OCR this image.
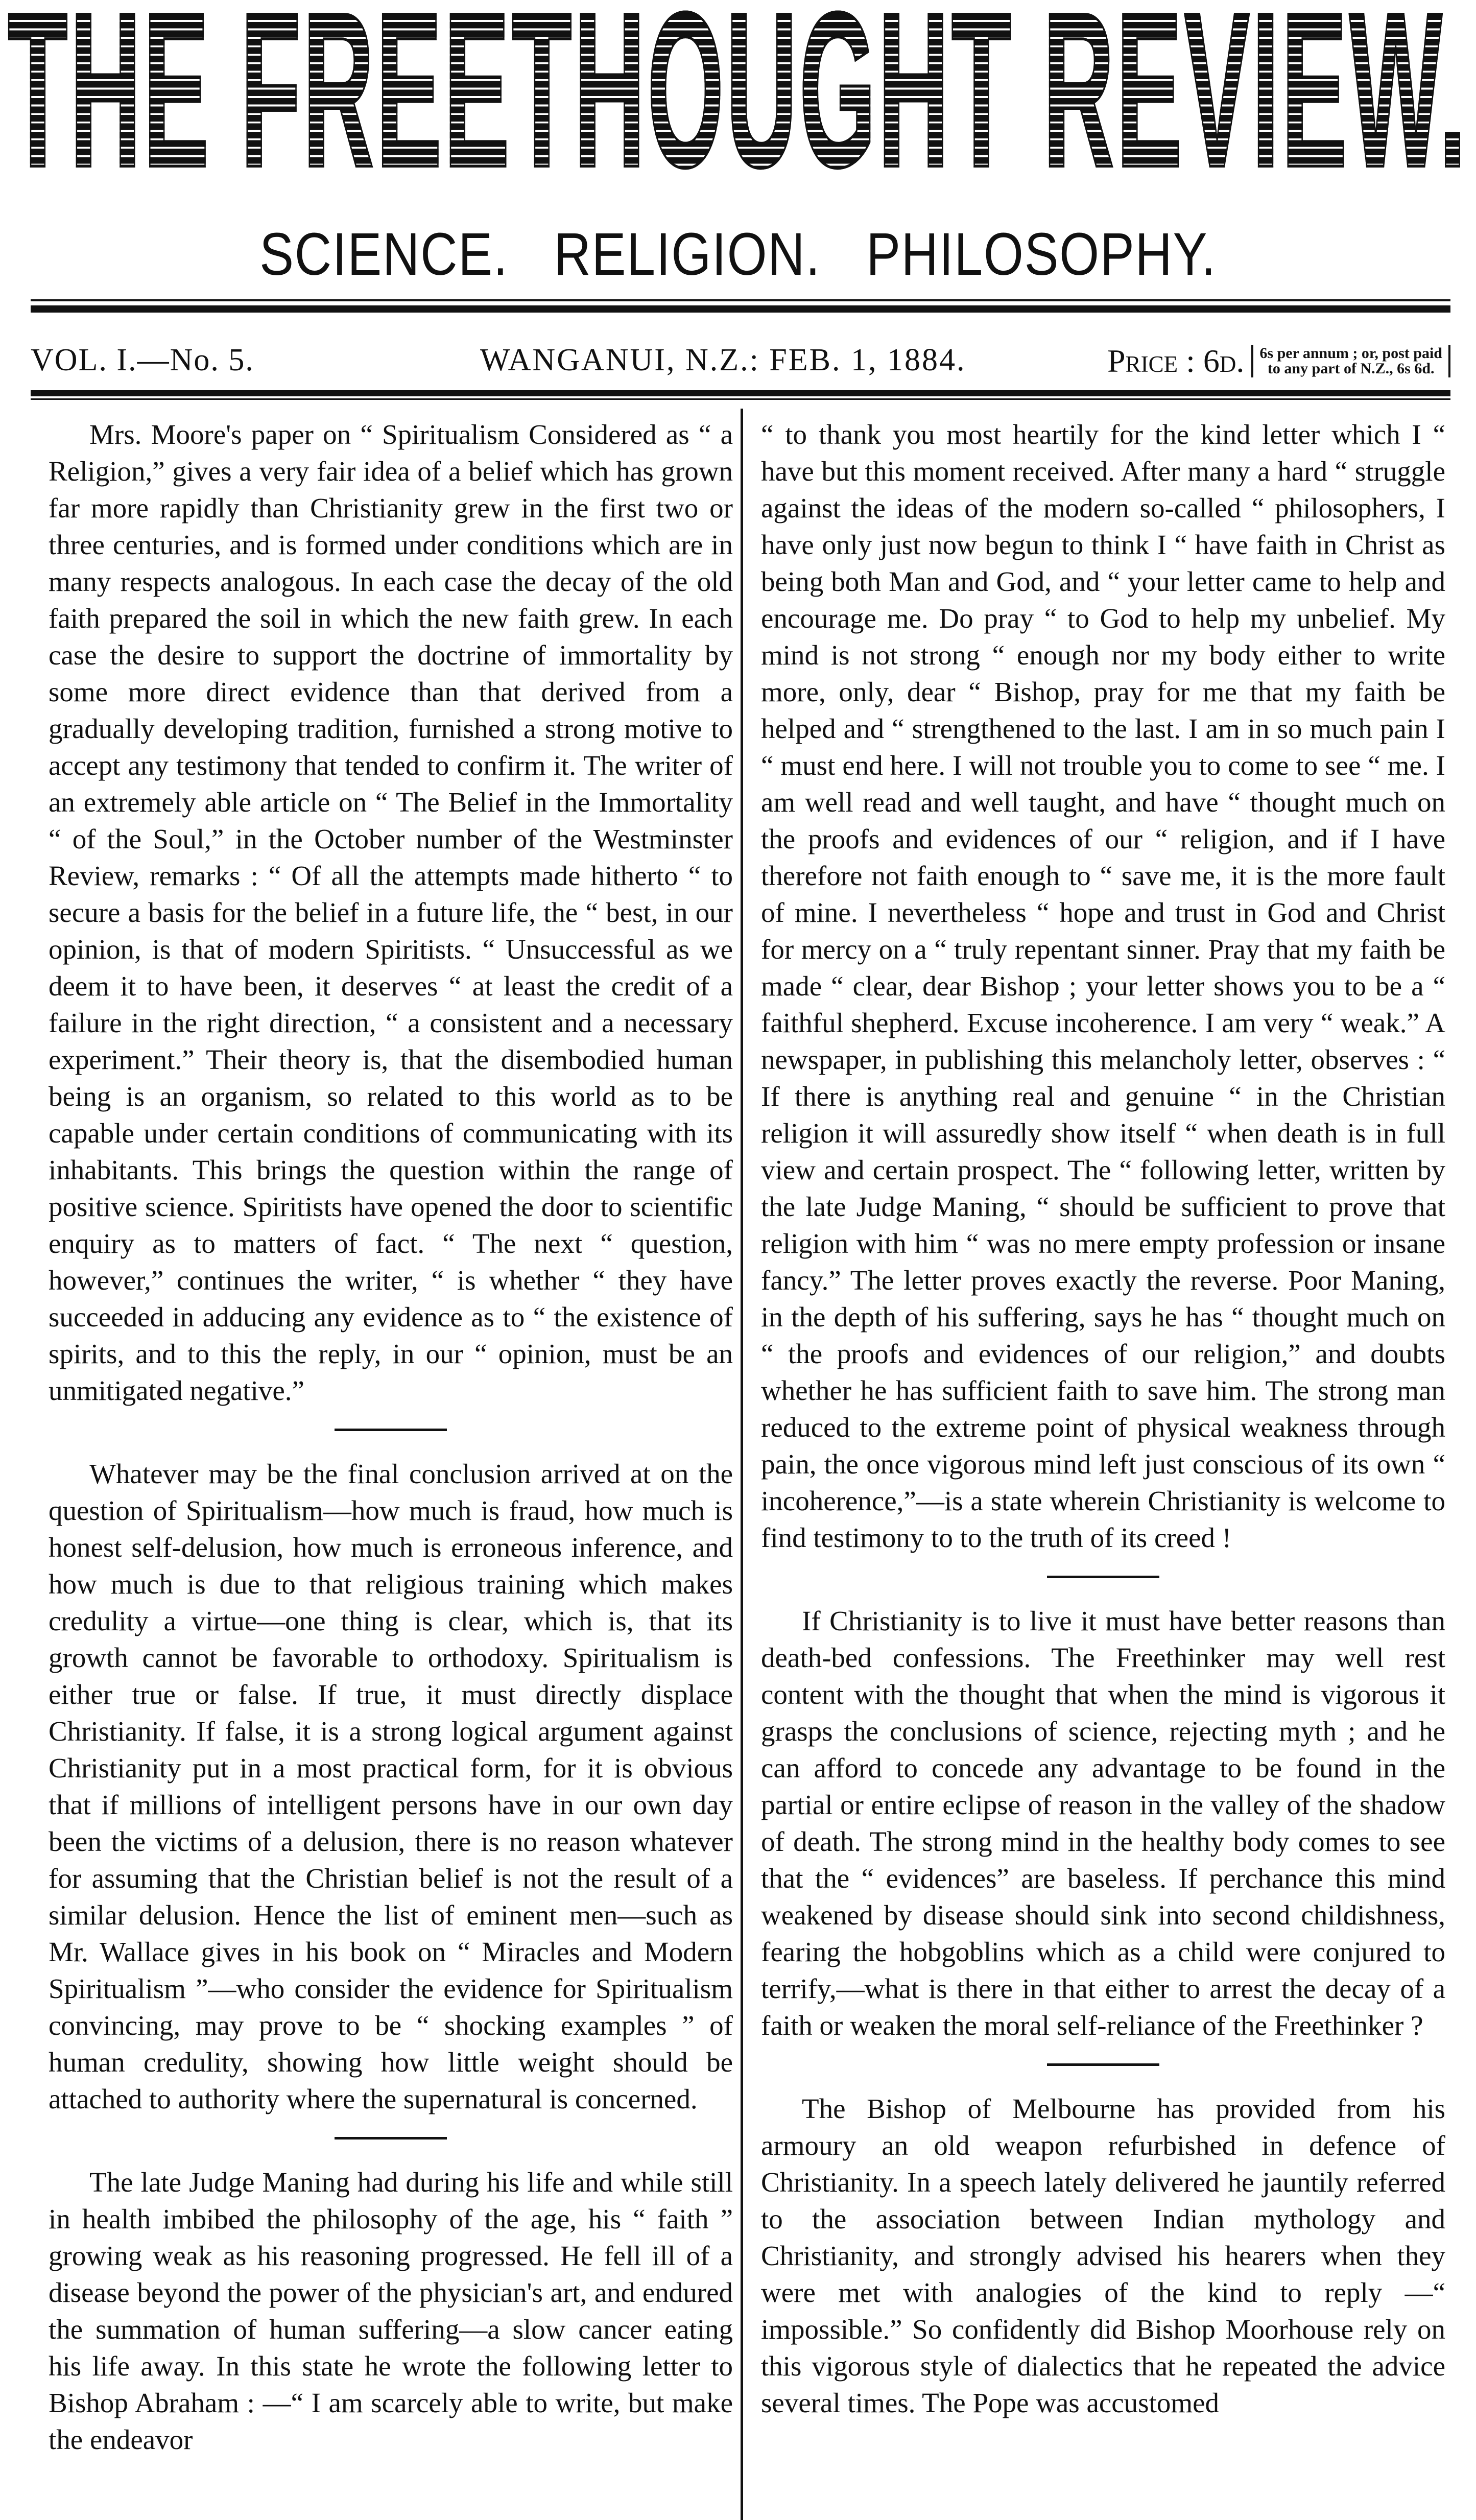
THE FREETHOUGHT REVIEW.
SCIENCE. RELIGION. PHILOSOPHY.
VOL. I.—No. 5.	WANGANUI, N.Z.: FEB. 1, 1884.	Price : 6d.	6s per annum ; or, post paid
to any part of N.Z., 6s 6d.

Mrs. Moore's paper on “ Spiritualism Considered as “ a Religion,” gives a very fair idea of a belief which has grown far more rapidly than Christianity grew in the first two or three centuries, and is formed under conditions which are in many respects analogous. In each case the decay of the old faith prepared the soil in which the new faith grew. In each case the desire to support the doctrine of immortality by some more direct evidence than that derived from a gradually developing tradition, furnished a strong motive to accept any testimony that tended to confirm it. The writer of an extremely able article on “ The Belief in the Immortality “ of the Soul,” in the October number of the Westminster Review, remarks : “ Of all the attempts made hitherto “ to secure a basis for the belief in a future life, the “ best, in our opinion, is that of modern Spiritists. “ Unsuccessful as we deem it to have been, it deserves “ at least the credit of a failure in the right direction, “ a consistent and a necessary experiment.” Their theory is, that the disembodied human being is an organism, so related to this world as to be capable under certain conditions of communicating with its inhabitants. This brings the question within the range of positive science. Spiritists have opened the door to scientific enquiry as to matters of fact. “ The next “ question, however,” continues the writer, “ is whether “ they have succeeded in adducing any evidence as to “ the existence of spirits, and to this the reply, in our “ opinion, must be an unmitigated negative.”

Whatever may be the final conclusion arrived at on the question of Spiritualism—how much is fraud, how much is honest self-delusion, how much is erroneous inference, and how much is due to that religious training which makes credulity a virtue—one thing is clear, which is, that its growth cannot be favorable to orthodoxy. Spiritualism is either true or false. If true, it must directly displace Christianity. If false, it is a strong logical argument against Christianity put in a most practical form, for it is obvious that if millions of intelligent persons have in our own day been the victims of a delusion, there is no reason whatever for assuming that the Christian belief is not the result of a similar delusion. Hence the list of eminent men—such as Mr. Wallace gives in his book on “ Miracles and Modern Spiritualism ”—who consider the evidence for Spiritualism convincing, may prove to be “ shocking examples ” of human credulity, showing how little weight should be attached to authority where the supernatural is concerned.

The late Judge Maning had during his life and while still in health imbibed the philosophy of the age, his “ faith ” growing weak as his reasoning progressed. He fell ill of a disease beyond the power of the physician's art, and endured the summation of human suffering—a slow cancer eating his life away. In this state he wrote the following letter to Bishop Abraham : —“ I am scarcely able to write, but make the endeavor

“ to thank you most heartily for the kind letter which I “ have but this moment received. After many a hard “ struggle against the ideas of the modern so-called “ philosophers, I have only just now begun to think I “ have faith in Christ as being both Man and God, and “ your letter came to help and encourage me. Do pray “ to God to help my unbelief. My mind is not strong “ enough nor my body either to write more, only, dear “ Bishop, pray for me that my faith be helped and “ strengthened to the last. I am in so much pain I “ must end here. I will not trouble you to come to see “ me. I am well read and well taught, and have “ thought much on the proofs and evidences of our “ religion, and if I have therefore not faith enough to “ save me, it is the more fault of mine. I nevertheless “ hope and trust in God and Christ for mercy on a “ truly repentant sinner. Pray that my faith be made “ clear, dear Bishop ; your letter shows you to be a “ faithful shepherd. Excuse incoherence. I am very “ weak.” A newspaper, in publishing this melancholy letter, observes : “ If there is anything real and genuine “ in the Christian religion it will assuredly show itself “ when death is in full view and certain prospect. The “ following letter, written by the late Judge Maning, “ should be sufficient to prove that religion with him “ was no mere empty profession or insane fancy.” The letter proves exactly the reverse. Poor Maning, in the depth of his suffering, says he has “ thought much on “ the proofs and evidences of our religion,” and doubts whether he has sufficient faith to save him. The strong man reduced to the extreme point of physical weakness through pain, the once vigorous mind left just conscious of its own “ incoherence,”—is a state wherein Christianity is welcome to find testimony to to the truth of its creed !

If Christianity is to live it must have better reasons than death-bed confessions. The Freethinker may well rest content with the thought that when the mind is vigorous it grasps the conclusions of science, rejecting myth ; and he can afford to concede any advantage to be found in the partial or entire eclipse of reason in the valley of the shadow of death. The strong mind in the healthy body comes to see that the “ evidences” are baseless. If perchance this mind weakened by disease should sink into second childishness, fearing the hobgoblins which as a child were conjured to terrify,—what is there in that either to arrest the decay of a faith or weaken the moral self-reliance of the Freethinker ?

The Bishop of Melbourne has provided from his armoury an old weapon refurbished in defence of Christianity. In a speech lately delivered he jauntily referred to the association between Indian mythology and Christianity, and strongly advised his hearers when they were met with analogies of the kind to reply —“ impossible.” So confidently did Bishop Moorhouse rely on this vigorous style of dialectics that he repeated the advice several times. The Pope was accustomed
